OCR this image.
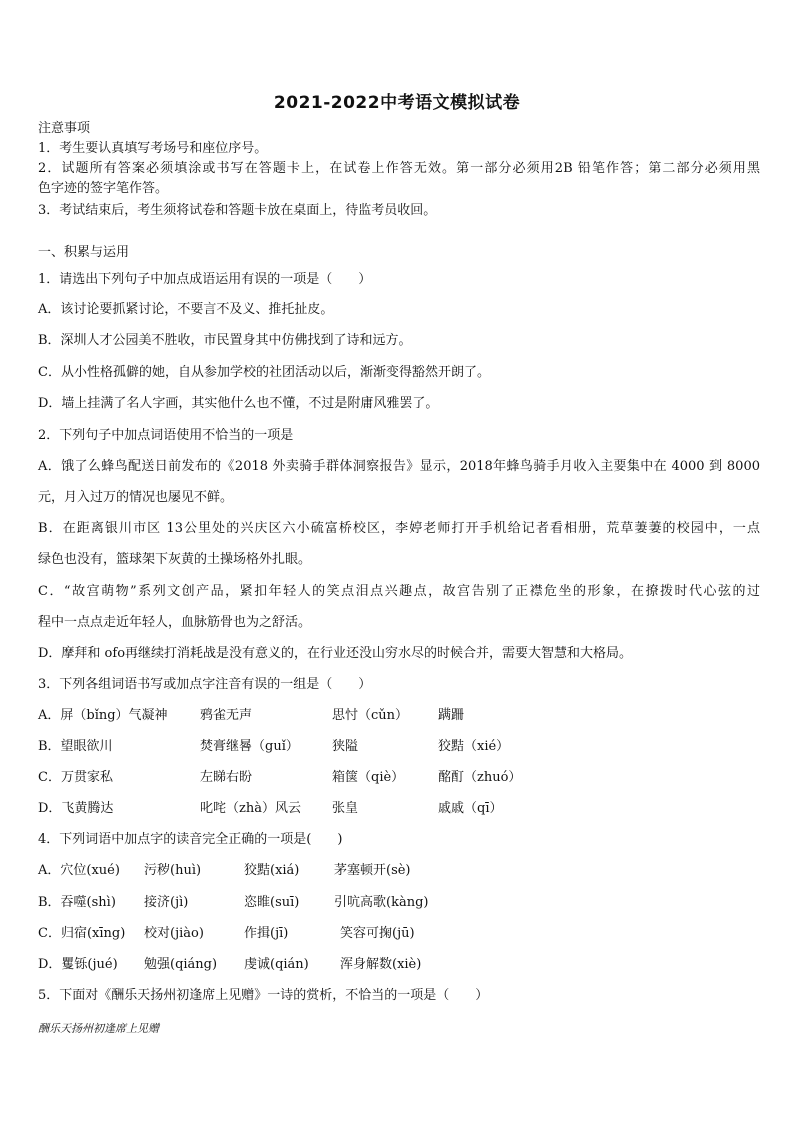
2021-2022中考语文模拟试卷
注意事项
1．考生要认真填写考场号和座位序号。
2．试题所有答案必须填涂或书写在答题卡上，在试卷上作答无效。第一部分必须用2B 铅笔作答；第二部分必须用黑
色字迹的签字笔作答。
3．考试结束后，考生须将试卷和答题卡放在桌面上，待监考员收回。
一、积累与运用
1．请选出下列句子中加点成语运用有误的一项是（　　）
A．该讨论要抓紧讨论，不要言不及义、推托扯皮。
B．深圳人才公园美不胜收，市民置身其中仿佛找到了诗和远方。
C．从小性格孤僻的她，自从参加学校的社团活动以后，渐渐变得豁然开朗了。
D．墙上挂满了名人字画，其实他什么也不懂，不过是附庸风雅罢了。
2．下列句子中加点词语使用不恰当的一项是
A．饿了么蜂鸟配送日前发布的《2018 外卖骑手群体洞察报告》显示，2018年蜂鸟骑手月收入主要集中在 4000 到 8000
元，月入过万的情况也屡见不鲜。
B．在距离银川市区 13公里处的兴庆区六小硫富桥校区，李婷老师打开手机给记者看相册，荒草萋萋的校园中，一点
绿色也没有，篮球架下灰黄的土操场格外扎眼。
C．“故宫萌物”系列文创产品，紧扣年轻人的笑点泪点兴趣点，故宫告别了正襟危坐的形象，在撩拨时代心弦的过
程中一点点走近年轻人，血脉筋骨也为之舒活。
D．摩拜和 ofo再继续打消耗战是没有意义的，在行业还没山穷水尽的时候合并，需要大智慧和大格局。
3．下列各组词语书写或加点字注音有误的一组是（　　）
A．屏（bǐng）气凝神 鸦雀无声	思忖（cǔn） 蹒跚
B．望眼欲川	焚膏继晷（guǐ）	狭隘	狡黠（xié）
C．万贯家私	左睇右盼	箱箧（qiè）	酩酊（zhuó）
D．飞黄腾达	叱咤（zhà）风云 张皇	戚戚（qī）
4．下列词语中加点字的读音完全正确的一项是(　　)
A．穴位(xué) 污秽(huì)	狡黠(xiá)	茅塞顿开(sè)
B．吞噬(shì) 接济(jì)	恣睢(suī)	引吭高歌(kàng)
C．归宿(xīng) 校对(jiào)	作揖(jī)	笑容可掬(jū)
D．矍铄(jué) 勉强(qiáng) 虔诚(qián) 浑身解数(xiè)
5．下面对《酬乐天扬州初逢席上见赠》一诗的赏析，不恰当的一项是（　　）
酬乐天扬州初逢席上见赠
